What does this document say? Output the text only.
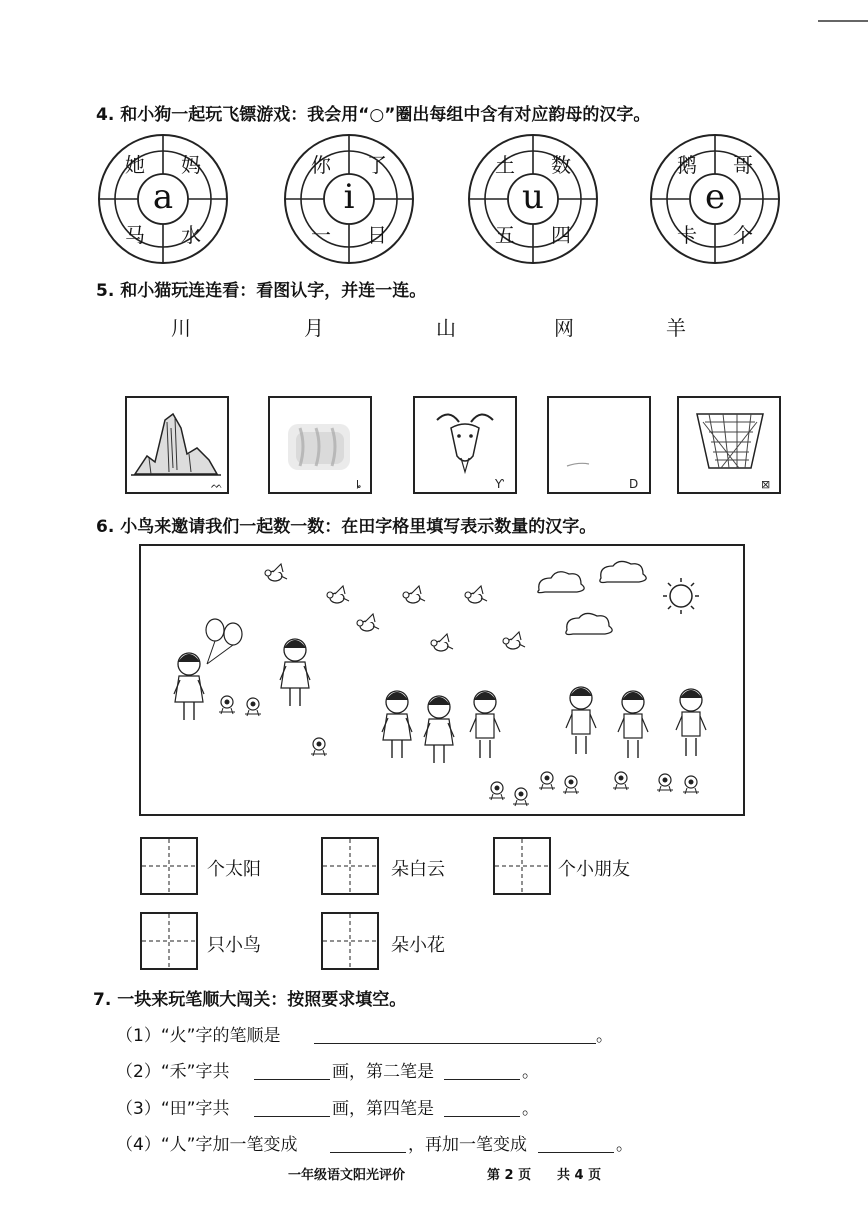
4. 和小狗一起玩飞镖游戏：我会用“○”圈出每组中含有对应韵母的汉字。
她 妈
马 水
a
你 了
一 日
i
土 数
五 四
u
鹅 哥
卡 个
e
5. 和小猫玩连连看：看图认字，并连一连。
川	月	山	网	羊
ᨓ	ȴ	Ƴ	D	⊠
6. 小鸟来邀请我们一起数一数：在田字格里填写表示数量的汉字。
个太阳	朵白云	个小朋友
只小鸟	朵小花
7. 一块来玩笔顺大闯关：按照要求填空。
（1）“火”字的笔顺是	。
（2）“禾”字共	画，第二笔是	。
（3）“田”字共	画，第四笔是	。
（4）“人”字加一笔变成	，再加一笔变成	。
一年级语文阳光评价	第 2 页 共 4 页
